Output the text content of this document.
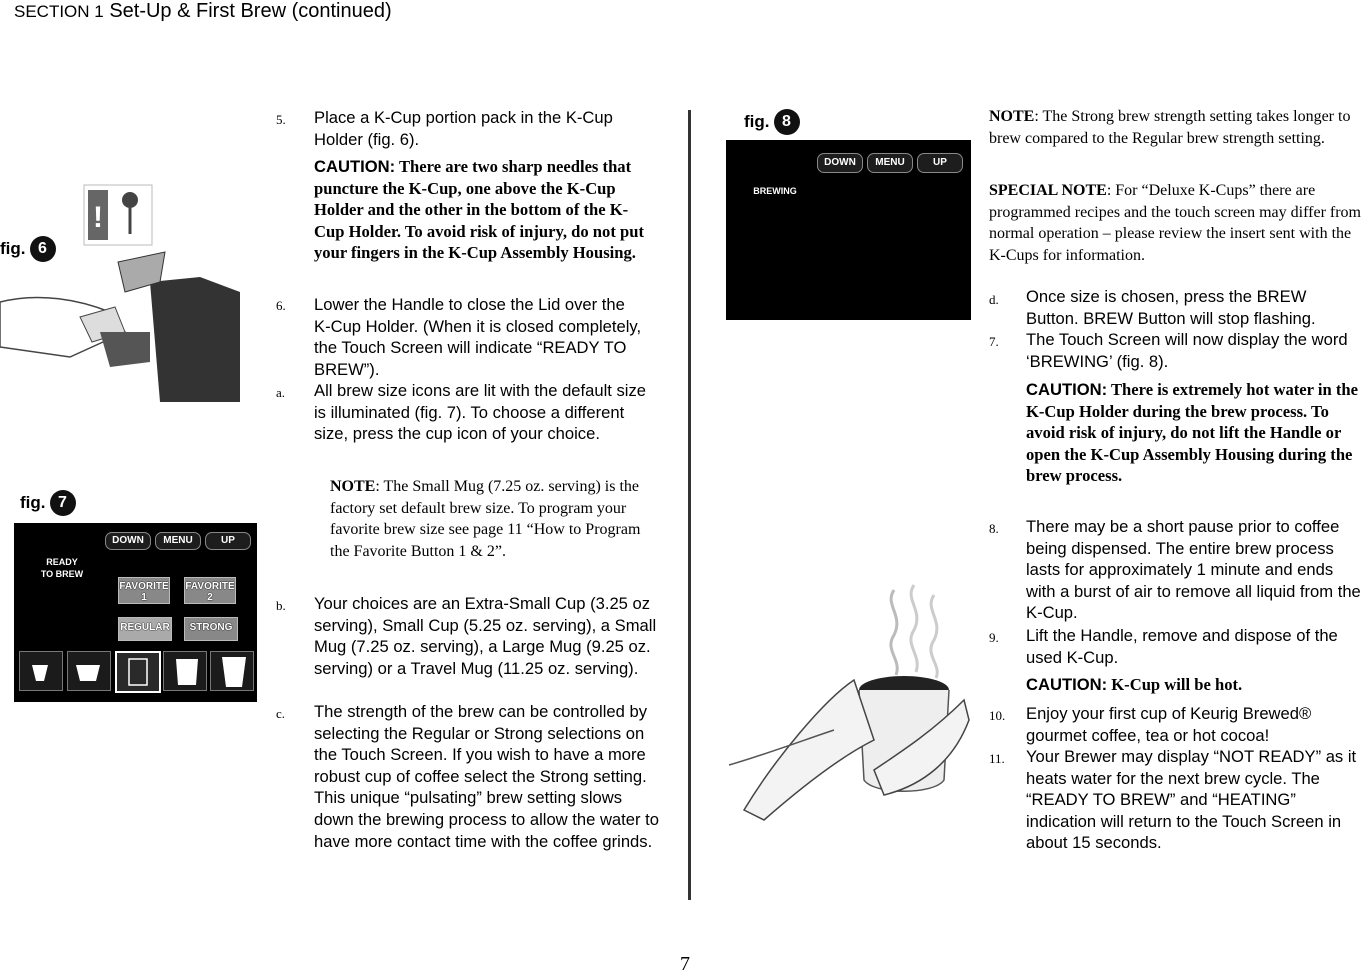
SECTION 1 Set-Up & First Brew (continued)
fig. 6
!
fig. 7
READY
TO BREW
DOWN	MENU	UP
FAVORITE
1
FAVORITE
2
REGULAR	STRONG
5. Place a K-Cup portion pack in the K-Cup Holder (fig. 6).
CAUTION: There are two sharp needles that puncture the K-Cup, one above the K-Cup Holder and the other in the bottom of the K-Cup Holder. To avoid risk of injury, do not put your fingers in the K-Cup Assembly Housing.
6. Lower the Handle to close the Lid over the K-Cup Holder. (When it is closed completely, the Touch Screen will indicate “READY TO BREW”).
a. All brew size icons are lit with the default size is illuminated (fig. 7). To choose a different size, press the cup icon of your choice.
NOTE: The Small Mug (7.25 oz. serving) is the factory set default brew size. To program your favorite brew size see page 11 “How to Program the Favorite Button 1 & 2”.
b. Your choices are an Extra-Small Cup (3.25 oz serving), Small Cup (5.25 oz. serving), a Small Mug (7.25 oz. serving), a Large Mug (9.25 oz. serving) or a Travel Mug (11.25 oz. serving).
c. The strength of the brew can be controlled by selecting the Regular or Strong selections on the Touch Screen. If you wish to have a more robust cup of coffee select the Strong setting. This unique “pulsating” brew setting slows down the brewing process to allow the water to have more contact time with the coffee grinds.
fig. 8
DOWN	MENU	UP
BREWING
NOTE: The Strong brew strength setting takes longer to brew compared to the Regular brew strength setting.
SPECIAL NOTE: For “Deluxe K-Cups” there are programmed recipes and the touch screen may differ from normal operation – please review the insert sent with the K-Cups for information.
d. Once size is chosen, press the BREW Button. BREW Button will stop flashing.
7. The Touch Screen will now display the word ‘BREWING’ (fig. 8).
CAUTION: There is extremely hot water in the K-Cup Holder during the brew process. To avoid risk of injury, do not lift the Handle or open the K-Cup Assembly Housing during the brew process.
8. There may be a short pause prior to coffee being dispensed. The entire brew process lasts for approximately 1 minute and ends with a burst of air to remove all liquid from the K-Cup.
9. Lift the Handle, remove and dispose of the used K-Cup.
CAUTION: K-Cup will be hot.
10. Enjoy your first cup of Keurig Brewed® gourmet coffee, tea or hot cocoa!
11. Your Brewer may display “NOT READY” as it heats water for the next brew cycle. The “READY TO BREW” and “HEATING” indication will return to the Touch Screen in about 15 seconds.
7
